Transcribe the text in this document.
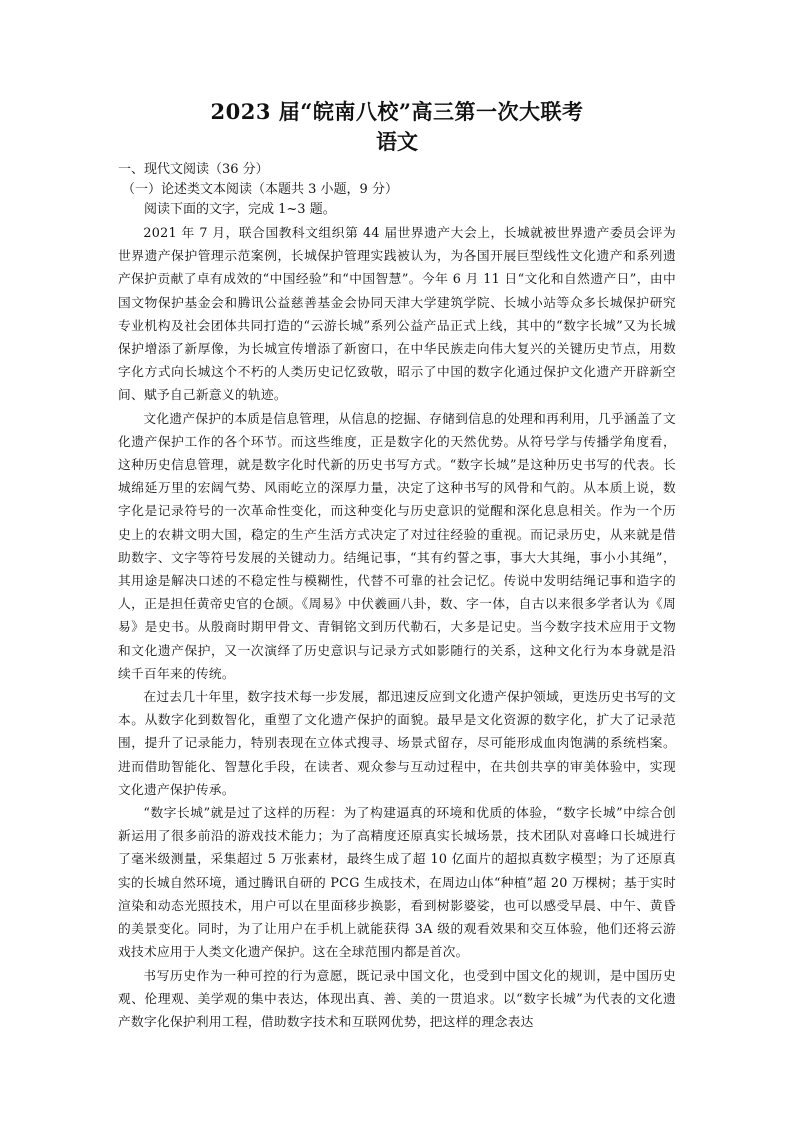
2023 届“皖南八校”高三第一次大联考
语文

一、现代文阅读（36 分）

（一）论述类文本阅读（本题共 3 小题，9 分）

阅读下面的文字，完成 1~3 题。

2021 年 7 月，联合国教科文组织第 44 届世界遗产大会上，长城就被世界遗产委员会评为世界遗产保护管理示范案例，长城保护管理实践被认为，为各国开展巨型线性文化遗产和系列遗产保护贡献了卓有成效的“中国经验”和“中国智慧”。今年 6 月 11 日“文化和自然遗产日”，由中国文物保护基金会和腾讯公益慈善基金会协同天津大学建筑学院、长城小站等众多长城保护研究专业机构及社会团体共同打造的“云游长城”系列公益产品正式上线，其中的“数字长城”又为长城保护增添了新厚像，为长城宣传增添了新窗口，在中华民族走向伟大复兴的关键历史节点，用数字化方式向长城这个不朽的人类历史记忆致敬，昭示了中国的数字化通过保护文化遗产开辟新空间、赋予自己新意义的轨迹。

文化遗产保护的本质是信息管理，从信息的挖掘、存储到信息的处理和再利用，几乎涵盖了文化遗产保护工作的各个环节。而这些维度，正是数字化的天然优势。从符号学与传播学角度看，这种历史信息管理，就是数字化时代新的历史书写方式。“数字长城”是这种历史书写的代表。长城绵延万里的宏阔气势、风雨屹立的深厚力量，决定了这种书写的风骨和气韵。从本质上说，数字化是记录符号的一次革命性变化，而这种变化与历史意识的觉醒和深化息息相关。作为一个历史上的农耕文明大国，稳定的生产生活方式决定了对过往经验的重视。而记录历史，从来就是借助数字、文字等符号发展的关键动力。结绳记事，“其有约誓之事，事大大其绳，事小小其绳”，其用途是解决口述的不稳定性与模糊性，代替不可靠的社会记忆。传说中发明结绳记事和造字的人，正是担任黄帝史官的仓颉。《周易》中伏羲画八卦，数、字一体，自古以来很多学者认为《周易》是史书。从殷商时期甲骨文、青铜铭文到历代勒石，大多是记史。当今数字技术应用于文物和文化遗产保护，又一次演绎了历史意识与记录方式如影随行的关系，这种文化行为本身就是沿续千百年来的传统。

在过去几十年里，数字技术每一步发展，都迅速反应到文化遗产保护领域，更迭历史书写的文本。从数字化到数智化，重塑了文化遗产保护的面貌。最早是文化资源的数字化，扩大了记录范围，提升了记录能力，特别表现在立体式搜寻、场景式留存，尽可能形成血肉饱满的系统档案。进而借助智能化、智慧化手段，在读者、观众参与互动过程中，在共创共享的审美体验中，实现文化遗产保护传承。

“数字长城”就是过了这样的历程：为了构建逼真的环境和优质的体验，“数字长城”中综合创新运用了很多前沿的游戏技术能力；为了高精度还原真实长城场景，技术团队对喜峰口长城进行了毫米级测量，采集超过 5 万张素材，最终生成了超 10 亿面片的超拟真数字模型；为了还原真实的长城自然环境，通过腾讯自研的 PCG 生成技术，在周边山体“种植”超 20 万棵树；基于实时渲染和动态光照技术，用户可以在里面移步换影，看到树影婆娑，也可以感受早晨、中午、黄昏的美景变化。同时，为了让用户在手机上就能获得 3A 级的观看效果和交互体验，他们还将云游戏技术应用于人类文化遗产保护。这在全球范围内都是首次。

书写历史作为一种可控的行为意愿，既记录中国文化，也受到中国文化的规训，是中国历史观、伦理观、美学观的集中表达，体现出真、善、美的一贯追求。以“数字长城”为代表的文化遗产数字化保护利用工程，借助数字技术和互联网优势，把这样的理念表达
